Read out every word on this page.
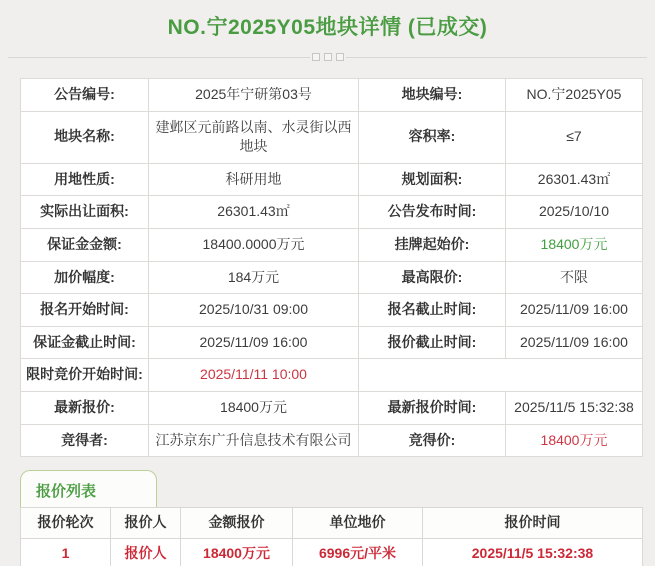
NO.宁2025Y05地块详情 (已成交)
公告编号:	2025年宁研第03号	地块编号:	NO.宁2025Y05
地块名称:	建邺区元前路以南、水灵街以西地块	容积率:	≤7
用地性质:	科研用地	规划面积:	26301.43㎡
实际出让面积:	26301.43㎡	公告发布时间:	2025/10/10
保证金金额:	18400.0000万元	挂牌起始价:	18400万元
加价幅度:	184万元	最高限价:	不限
报名开始时间:	2025/10/31 09:00	报名截止时间:	2025/11/09 16:00
保证金截止时间:	2025/11/09 16:00	报价截止时间:	2025/11/09 16:00
限时竞价开始时间:	2025/11/11 10:00		
最新报价:	18400万元	最新报价时间:	2025/11/5 15:32:38
竞得者:	江苏京东广升信息技术有限公司	竞得价:	18400万元
报价列表
报价轮次	报价人	金额报价	单位地价	报价时间
1	报价人	18400万元	6996元/平米	2025/11/5 15:32:38
